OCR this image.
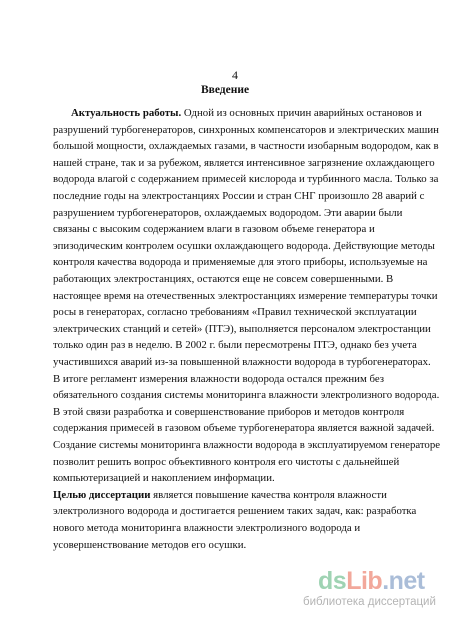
4
Введение
Актуальность работы. Одной из основных причин аварийных остановов и
разрушений турбогенераторов, синхронных компенсаторов и электрических машин
большой мощности, охлаждаемых газами, в частности изобарным водородом, как в
нашей стране, так и за рубежом, является интенсивное загрязнение охлаждающего
водорода влагой с содержанием примесей кислорода и турбинного масла. Только за
последние годы на электростанциях России и стран СНГ произошло 28 аварий с
разрушением турбогенераторов, охлаждаемых водородом. Эти аварии были
связаны с высоким содержанием влаги в газовом объеме генератора и
эпизодическим контролем осушки охлаждающего водорода. Действующие методы
контроля качества водорода и применяемые для этого приборы, используемые на
работающих электростанциях, остаются еще не совсем совершенными. В
настоящее время на отечественных электростанциях измерение температуры точки
росы в генераторах, согласно требованиям «Правил технической эксплуатации
электрических станций и сетей» (ПТЭ), выполняется персоналом электростанции
только один раз в неделю. В 2002 г. были пересмотрены ПТЭ, однако без учета
участившихся аварий из-за повышенной влажности водорода в турбогенераторах.
В итоге регламент измерения влажности водорода остался прежним без
обязательного создания системы мониторинга влажности электролизного водорода.
В этой связи разработка и совершенствование приборов и методов контроля
содержания примесей в газовом объеме турбогенератора является важной задачей.
Создание системы мониторинга влажности водорода в эксплуатируемом генераторе
позволит решить вопрос объективного контроля его чистоты с дальнейшей
компьютеризацией и накоплением информации.
Целью диссертации является повышение качества контроля влажности
электролизного водорода и достигается решением таких задач, как: разработка
нового метода мониторинга влажности электролизного водорода и
усовершенствование методов его осушки.
dsLib.net
библиотека диссертаций
